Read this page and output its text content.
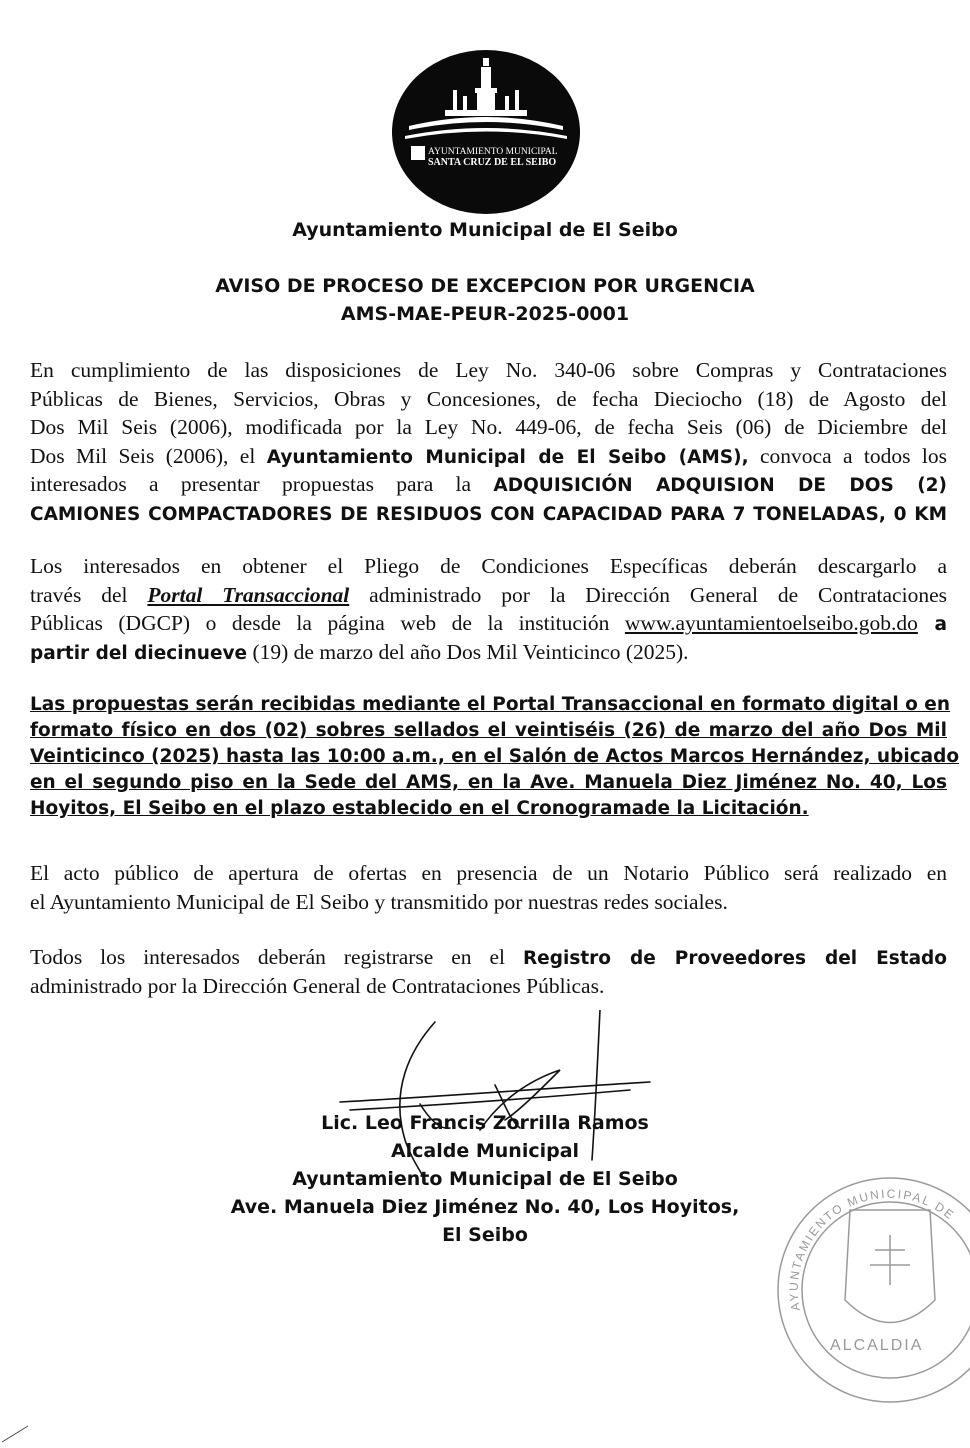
AYUNTAMIENTO MUNICIPAL
SANTA CRUZ DE EL SEIBO
Ayuntamiento Municipal de El Seibo
AVISO DE PROCESO DE EXCEPCION POR URGENCIA
AMS-MAE-PEUR-2025-0001
En cumplimiento de las disposiciones de Ley No. 340-06 sobre Compras y Contrataciones
Públicas de Bienes, Servicios, Obras y Concesiones, de fecha Dieciocho (18) de Agosto del
Dos Mil Seis (2006), modificada por la Ley No. 449-06, de fecha Seis (06) de Diciembre del
Dos Mil Seis (2006), el Ayuntamiento Municipal de El Seibo (AMS), convoca a todos los
interesados a presentar propuestas para la ADQUISICIÓN ADQUISION DE DOS (2)
CAMIONES COMPACTADORES DE RESIDUOS CON CAPACIDAD PARA 7 TONELADAS, 0 KM
Los interesados en obtener el Pliego de Condiciones Específicas deberán descargarlo a
través del Portal Transaccional administrado por la Dirección General de Contrataciones
Públicas (DGCP) o desde la página web de la institución www.ayuntamientoelseibo.gob.do a
partir del diecinueve (19) de marzo del año Dos Mil Veinticinco (2025).
Las propuestas serán recibidas mediante el Portal Transaccional en formato digital o en
formato físico en dos (02) sobres sellados el veintiséis (26) de marzo del año Dos Mil
Veinticinco (2025) hasta las 10:00 a.m., en el Salón de Actos Marcos Hernández, ubicado
en el segundo piso en la Sede del AMS, en la Ave. Manuela Diez Jiménez No. 40, Los
Hoyitos, El Seibo en el plazo establecido en el Cronogramade la Licitación.
El acto público de apertura de ofertas en presencia de un Notario Público será realizado en
el Ayuntamiento Municipal de El Seibo y transmitido por nuestras redes sociales.
Todos los interesados deberán registrarse en el Registro de Proveedores del Estado
administrado por la Dirección General de Contrataciones Públicas.
Lic. Leo Francis Zorrilla Ramos
Alcalde Municipal
Ayuntamiento Municipal de El Seibo
Ave. Manuela Diez Jiménez No. 40, Los Hoyitos,
El Seibo
AYUNTAMIENTO MUNICIPAL DE
ALCALDIA
